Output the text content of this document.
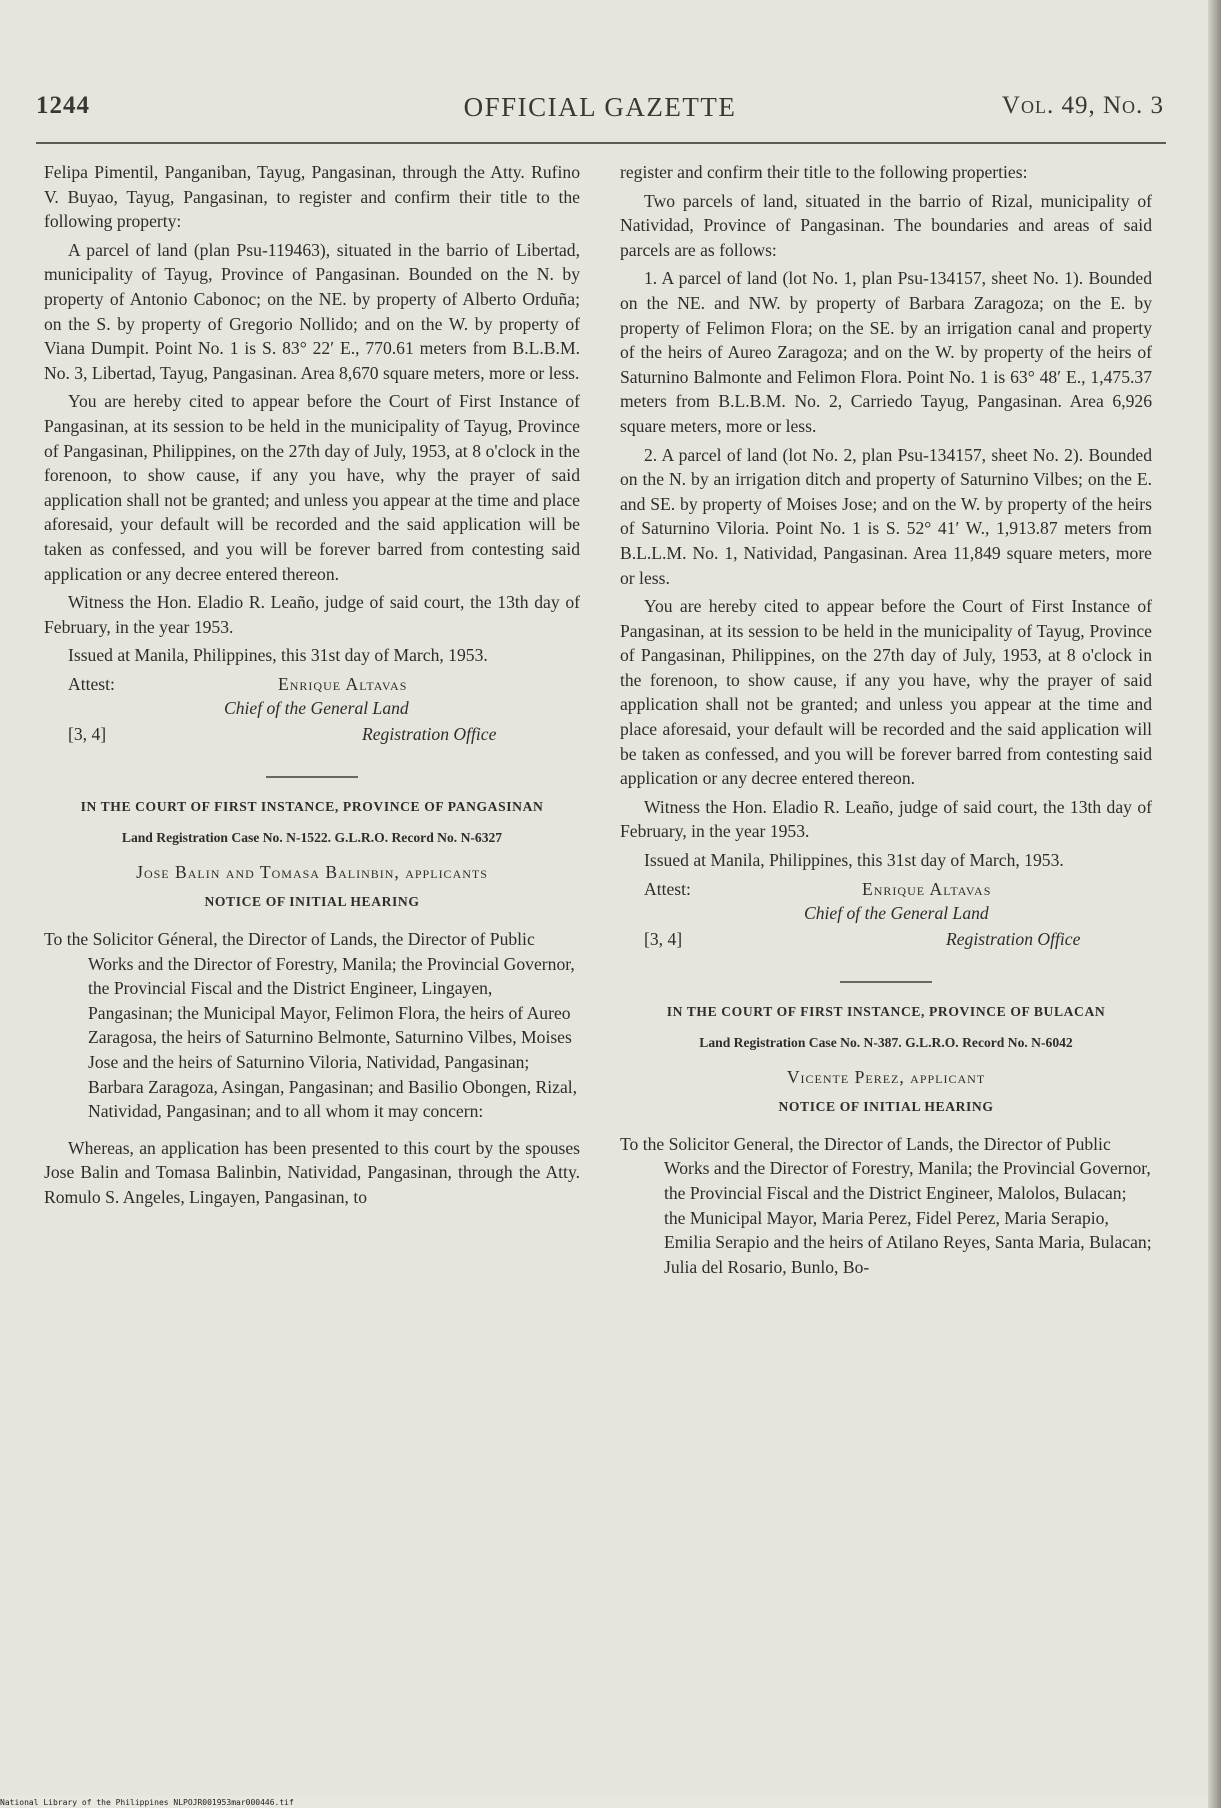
1244	OFFICIAL GAZETTE	Vol. 49, No. 3

Felipa Pimentil, Panganiban, Tayug, Pangasinan, through the Atty. Rufino V. Buyao, Tayug, Pangasinan, to register and confirm their title to the following property:

A parcel of land (plan Psu-119463), situated in the barrio of Libertad, municipality of Tayug, Province of Pangasinan. Bounded on the N. by property of Antonio Cabonoc; on the NE. by property of Alberto Orduña; on the S. by property of Gregorio Nollido; and on the W. by property of Viana Dumpit. Point No. 1 is S. 83° 22′ E., 770.61 meters from B.L.B.M. No. 3, Libertad, Tayug, Pangasinan. Area 8,670 square meters, more or less.

You are hereby cited to appear before the Court of First Instance of Pangasinan, at its session to be held in the municipality of Tayug, Province of Pangasinan, Philippines, on the 27th day of July, 1953, at 8 o'clock in the forenoon, to show cause, if any you have, why the prayer of said application shall not be granted; and unless you appear at the time and place aforesaid, your default will be recorded and the said application will be taken as confessed, and you will be forever barred from contesting said application or any decree entered thereon.

Witness the Hon. Eladio R. Leaño, judge of said court, the 13th day of February, in the year 1953.

Issued at Manila, Philippines, this 31st day of March, 1953.

Attest:	Enrique Altavas
Chief of the General Land
[3, 4]	Registration Office

IN THE COURT OF FIRST INSTANCE, PROVINCE OF PANGASINAN

Land Registration Case No. N-1522. G.L.R.O. Record No. N-6327

Jose Balin and Tomasa Balinbin, applicants

NOTICE OF INITIAL HEARING

To the Solicitor Géneral, the Director of Lands, the Director of Public Works and the Director of Forestry, Manila; the Provincial Governor, the Provincial Fiscal and the District Engineer, Lingayen, Pangasinan; the Municipal Mayor, Felimon Flora, the heirs of Aureo Zaragosa, the heirs of Saturnino Belmonte, Saturnino Vilbes, Moises Jose and the heirs of Saturnino Viloria, Natividad, Pangasinan; Barbara Zaragoza, Asingan, Pangasinan; and Basilio Obongen, Rizal, Natividad, Pangasinan; and to all whom it may concern:

Whereas, an application has been presented to this court by the spouses Jose Balin and Tomasa Balinbin, Natividad, Pangasinan, through the Atty. Romulo S. Angeles, Lingayen, Pangasinan, to

register and confirm their title to the following properties:

Two parcels of land, situated in the barrio of Rizal, municipality of Natividad, Province of Pangasinan. The boundaries and areas of said parcels are as follows:

1. A parcel of land (lot No. 1, plan Psu-134157, sheet No. 1). Bounded on the NE. and NW. by property of Barbara Zaragoza; on the E. by property of Felimon Flora; on the SE. by an irrigation canal and property of the heirs of Aureo Zaragoza; and on the W. by property of the heirs of Saturnino Balmonte and Felimon Flora. Point No. 1 is 63° 48′ E., 1,475.37 meters from B.L.B.M. No. 2, Carriedo Tayug, Pangasinan. Area 6,926 square meters, more or less.

2. A parcel of land (lot No. 2, plan Psu-134157, sheet No. 2). Bounded on the N. by an irrigation ditch and property of Saturnino Vilbes; on the E. and SE. by property of Moises Jose; and on the W. by property of the heirs of Saturnino Viloria. Point No. 1 is S. 52° 41′ W., 1,913.87 meters from B.L.L.M. No. 1, Natividad, Pangasinan. Area 11,849 square meters, more or less.

You are hereby cited to appear before the Court of First Instance of Pangasinan, at its session to be held in the municipality of Tayug, Province of Pangasinan, Philippines, on the 27th day of July, 1953, at 8 o'clock in the forenoon, to show cause, if any you have, why the prayer of said application shall not be granted; and unless you appear at the time and place aforesaid, your default will be recorded and the said application will be taken as confessed, and you will be forever barred from contesting said application or any decree entered thereon.

Witness the Hon. Eladio R. Leaño, judge of said court, the 13th day of February, in the year 1953.

Issued at Manila, Philippines, this 31st day of March, 1953.

Attest:	Enrique Altavas
Chief of the General Land
[3, 4]	Registration Office

IN THE COURT OF FIRST INSTANCE, PROVINCE OF BULACAN

Land Registration Case No. N-387. G.L.R.O. Record No. N-6042

Vicente Perez, applicant

NOTICE OF INITIAL HEARING

To the Solicitor General, the Director of Lands, the Director of Public Works and the Director of Forestry, Manila; the Provincial Governor, the Provincial Fiscal and the District Engineer, Malolos, Bulacan; the Municipal Mayor, Maria Perez, Fidel Perez, Maria Serapio, Emilia Serapio and the heirs of Atilano Reyes, Santa Maria, Bulacan; Julia del Rosario, Bunlo, Bo-

National Library of the Philippines NLPOJR001953mar000446.tif
